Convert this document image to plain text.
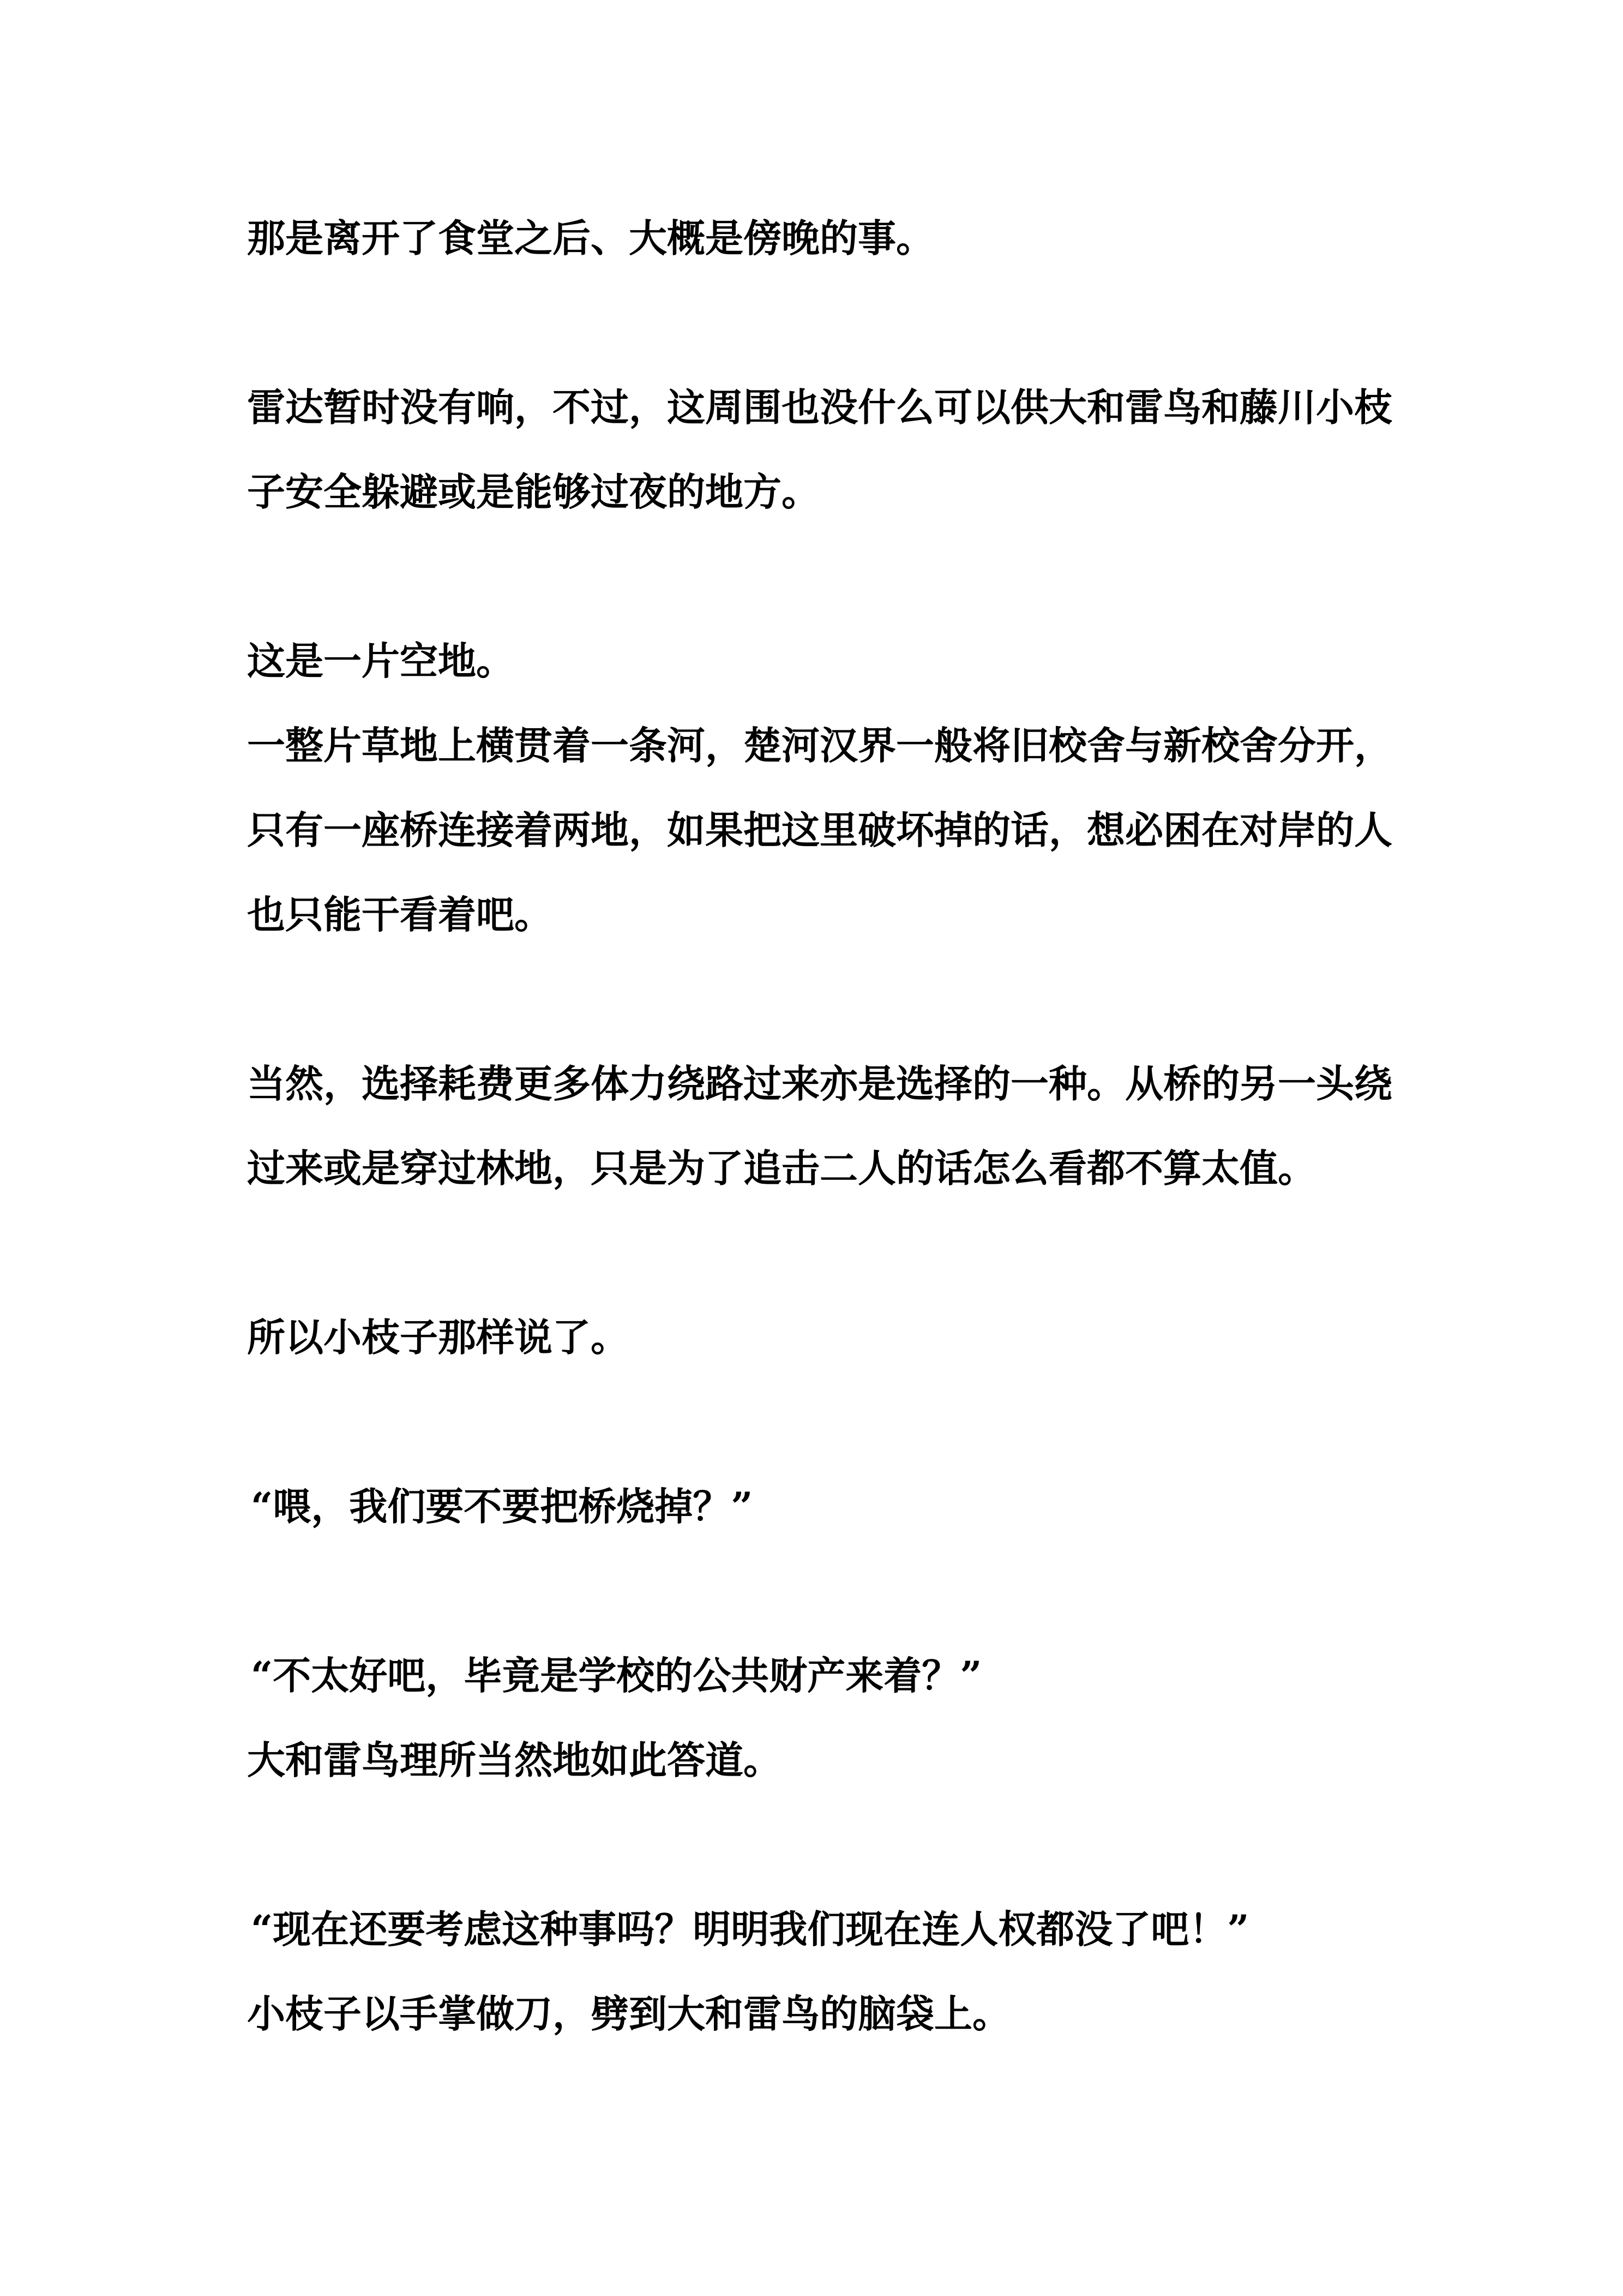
那是离开了食堂之后、大概是傍晚的事。
雷达暂时没有响，不过，这周围也没什么可以供大和雷鸟和藤川小枝
子安全躲避或是能够过夜的地方。
这是一片空地。
一整片草地上横贯着一条河，楚河汉界一般将旧校舍与新校舍分开，
只有一座桥连接着两地，如果把这里破坏掉的话，想必困在对岸的人
也只能干看着吧。
当然，选择耗费更多体力绕路过来亦是选择的一种。从桥的另一头绕
过来或是穿过林地，只是为了追击二人的话怎么看都不算太值。
所以小枝子那样说了。
“喂，我们要不要把桥烧掉？”
“不太好吧，毕竟是学校的公共财产来着？”
大和雷鸟理所当然地如此答道。
“现在还要考虑这种事吗？明明我们现在连人权都没了吧！”
小枝子以手掌做刀，劈到大和雷鸟的脑袋上。
